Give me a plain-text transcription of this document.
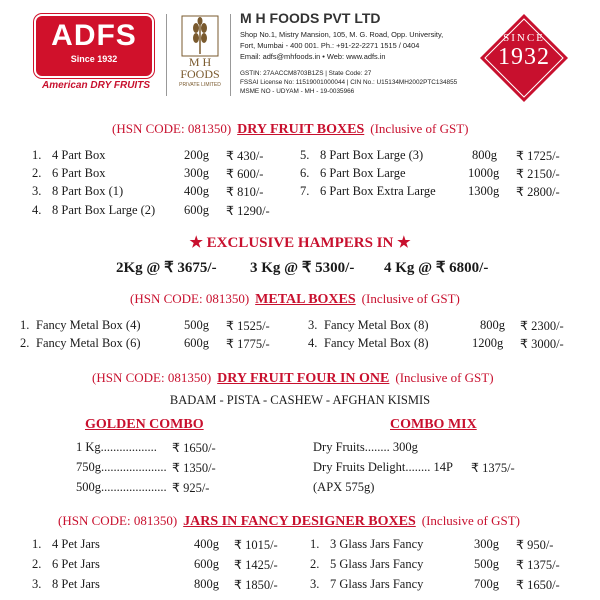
ADFS
Since 1932
American DRY FRUITS
M H FOODS
PRIVATE LIMITED
M H FOODS PVT LTD
Shop No.1, Mistry Mansion, 105, M. G. Road, Opp. University,
Fort, Mumbai - 400 001. Ph.: +91-22-2271 1515 / 0404
Email: adfs@mhfoods.in • Web: www.adfs.in
GSTIN: 27AACCM8703B1ZS | State Code: 27
FSSAI License No: 11519001000044 | CIN No.: U15134MH2002PTC134855
MSME NO - UDYAM - MH - 19-0035966
SINCE
1932
(HSN CODE: 081350) DRY FRUIT BOXES (Inclusive of GST)
1. 4 Part Box	200g ₹ 430/-
2. 6 Part Box	300g ₹ 600/-
3. 8 Part Box (1)	400g ₹ 810/-
4. 8 Part Box Large (2) 600g ₹ 1290/-
5. 8 Part Box Large (3)	800g ₹ 1725/-
6. 6 Part Box Large	1000g ₹ 2150/-
7. 6 Part Box Extra Large	1300g ₹ 2800/-
★ EXCLUSIVE HAMPERS IN ★
2Kg @ ₹ 3675/- 3 Kg @ ₹ 5300/- 4 Kg @ ₹ 6800/-
(HSN CODE: 081350) METAL BOXES (Inclusive of GST)
1. Fancy Metal Box (4)	500g ₹ 1525/-
2. Fancy Metal Box (6)	600g ₹ 1775/-
3. Fancy Metal Box (8)	800g ₹ 2300/-
4. Fancy Metal Box (8)	1200g ₹ 3000/-
(HSN CODE: 081350) DRY FRUIT FOUR IN ONE (Inclusive of GST)
BADAM - PISTA - CASHEW - AFGHAN KISMIS
GOLDEN COMBO
1 Kg.................. ₹ 1650/-
750g..................... ₹ 1350/-
500g..................... ₹ 925/-
COMBO MIX
Dry Fruits........ 300g
Dry Fruits Delight........ 14P ₹ 1375/-
(APX 575g)
(HSN CODE: 081350) JARS IN FANCY DESIGNER BOXES (Inclusive of GST)
1. 4 Pet Jars	400g ₹ 1015/-
2. 6 Pet Jars	600g ₹ 1425/-
3. 8 Pet Jars	800g ₹ 1850/-
1. 3 Glass Jars Fancy	300g ₹ 950/-
2. 5 Glass Jars Fancy	500g ₹ 1375/-
3. 7 Glass Jars Fancy	700g ₹ 1650/-
